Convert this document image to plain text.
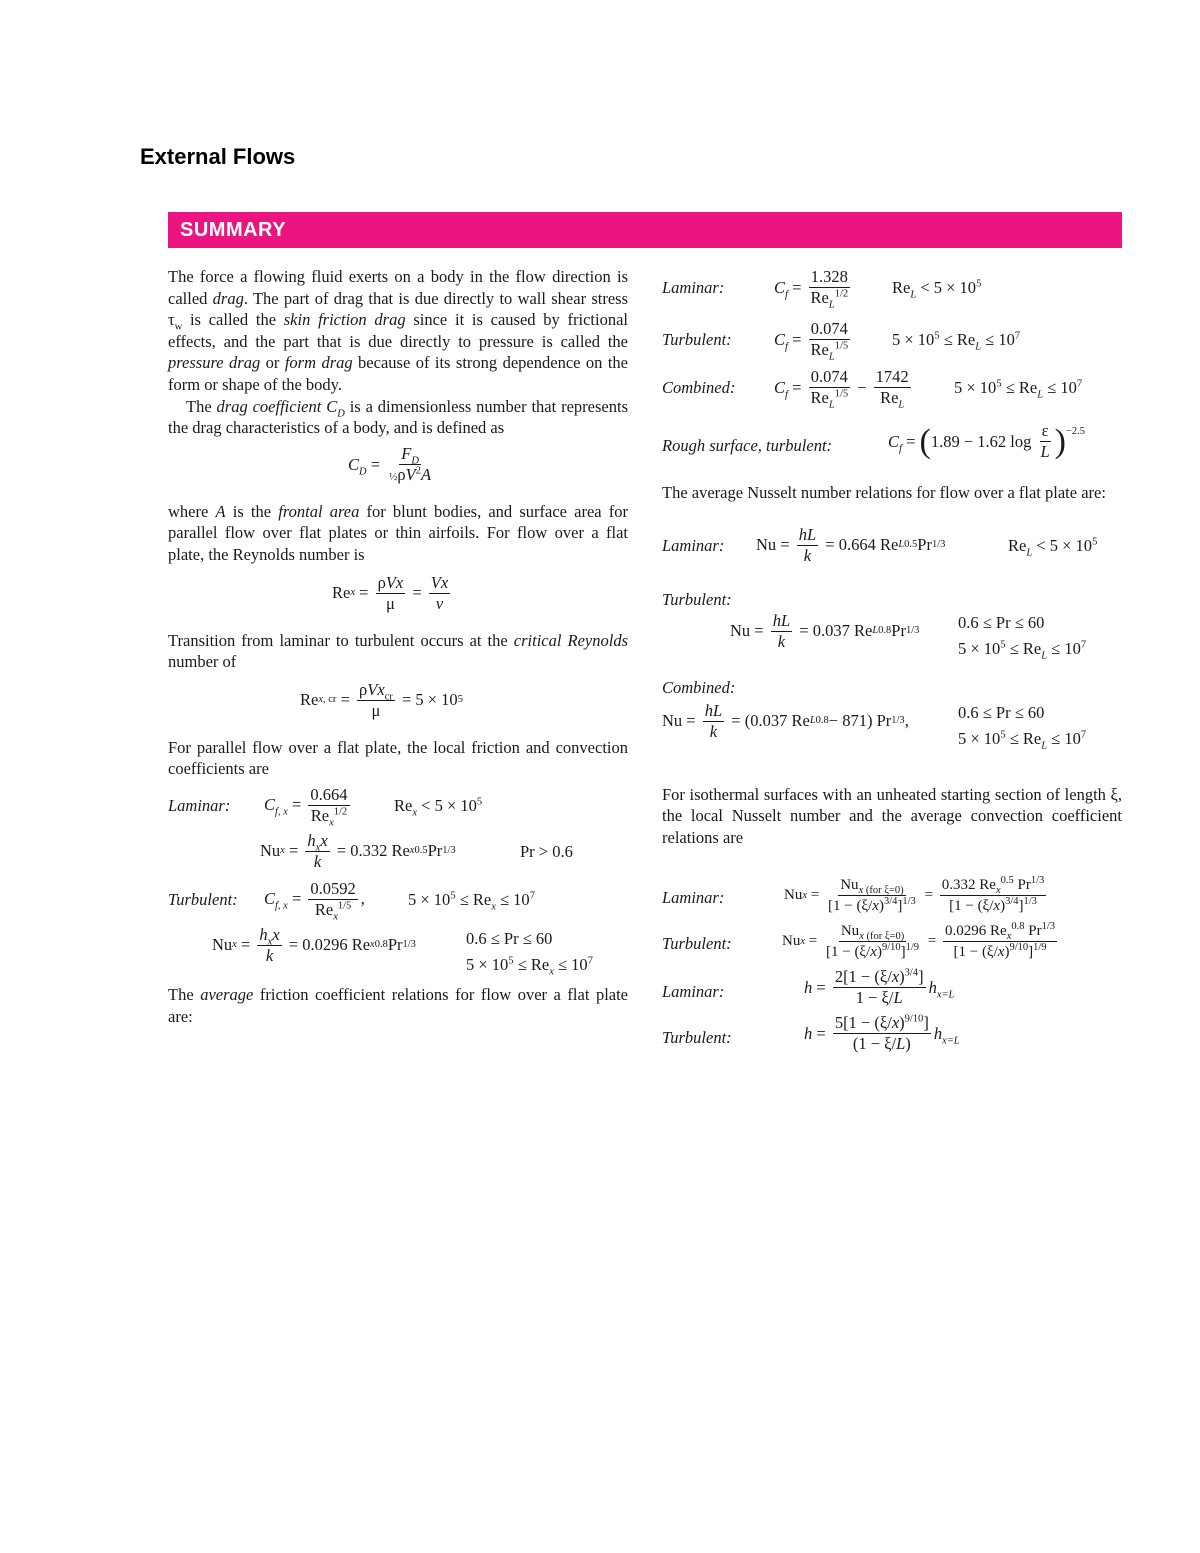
External Flows
SUMMARY

The force a flowing fluid exerts on a body in the flow direction is called drag. The part of drag that is due directly to wall shear stress $\tau_w$ is called the skin friction drag since it is caused by frictional effects, and the part that is due directly to pressure is called the pressure drag or form drag because of its strong dependence on the form or shape of the body.

The drag coefficient $C_D$ is a dimensionless number that represents the drag characteristics of a body, and is defined as

$C_D = \frac{F_D}{\frac{1}{2}\rho V^2A}$

where A is the frontal area for blunt bodies, and surface area for parallel flow over flat plates or thin airfoils. For flow over a flat plate, the Reynolds number is

Re $x = \frac{\text{ρVx}}{\mu} = \frac{Vx}{\nu}$

Transition from laminar to turbulent occurs at the critical Reynolds number of

Re x, cr = $\frac{\rho Vx_{cr}}{\mu} = 5 \times 10$ 5

For parallel flow over a flat plate, the local friction and convection coefficients are

Laminar: $C_{f, x} = \frac{0.664}{Re_x^{1/2}}$	$Re_x < 5 \times 10^5$
Nu $x = \frac{h_xx}{k} = 0.332$ Re x 0.5 Pr 1/3	Pr > 0.6
Turbulent: $C_{f, x} = \frac{0.0592}{Re_x^{1/5}}$ ,	$5 \times 10^5 \le Re_x \le 10^7$
Nu $x = \frac{h_xx}{k} = 0.0296$ Re x 0.8 Pr 1/3	0.6 ≤ Pr ≤ 60
$5 \times 10^5 \le Re_x \le 10^7$

The average friction coefficient relations for flow over a flat plate are:

Laminar:	$C_f = \frac{1.328}{Re_L^{1/2}}$	$Re_L < 5 \times 10^5$
Turbulent:	$C_f = \frac{0.074}{Re_L^{1/5}}$	$5 \times 10^5 \le Re_L \le 10^7$
Combined: $C_f = \frac{0.074}{Re_L^{1/5}} - \frac{1742}{Re_L}$	$5 \times 10^5 \le Re_L \le 10^7$
Rough surface, turbulent:	$C_f$ = ( 1.89 − 1.62 $\log \frac{\varepsilon}{L} )^{-2.5}$

The average Nusselt number relations for flow over a flat plate are:

Laminar: $Nu = \frac{hL}{k} = 0.664$ Re L 0.5 Pr 1/3	$Re_L < 5 \times 10^5$
Turbulent:
$Nu = \frac{hL}{k} = 0.037$ Re L 0.8 Pr 1/3 0.6 ≤ Pr ≤ 60
$5 \times 10^5 \le Re_L \le 10^7$
Combined:
$Nu = \frac{hL}{k} = (0.037$ Re L 0.8 − 871) Pr 1/3 ,	0.6 ≤ Pr ≤ 60
$5 \times 10^5 \le Re_L \le 10^7$

For isothermal surfaces with an unheated starting section of length ξ, the local Nusselt number and the average convection coefficient relations are

Laminar:	Nu $x = \frac{Nu_{x (for \xi=0)}}{[1 - (\xi/x)^{3/4}]^{1/3}} = \frac{0.332 Re_x^{0.5} Pr^{1/3}}{[1 - (\xi/x)^{3/4}]^{1/3}}$
Turbulent:	Nu $x = \frac{Nu_{x (for \xi=0)}}{[1 - (\xi/x)^{9/10}]^{1/9}} = \frac{0.0296 Re_x^{0.8} Pr^{1/3}}{[1 - (\xi/x)^{9/10}]^{1/9}}$
Laminar:	$h = \frac{2[1 - (\xi/x)^{3/4}]}{1 - \xi/L} h_{x=L}$
Turbulent:	$h = \frac{5[1 - (\xi/x)^{9/10}]}{(1 - \xi/L)} h_{x=L}$
